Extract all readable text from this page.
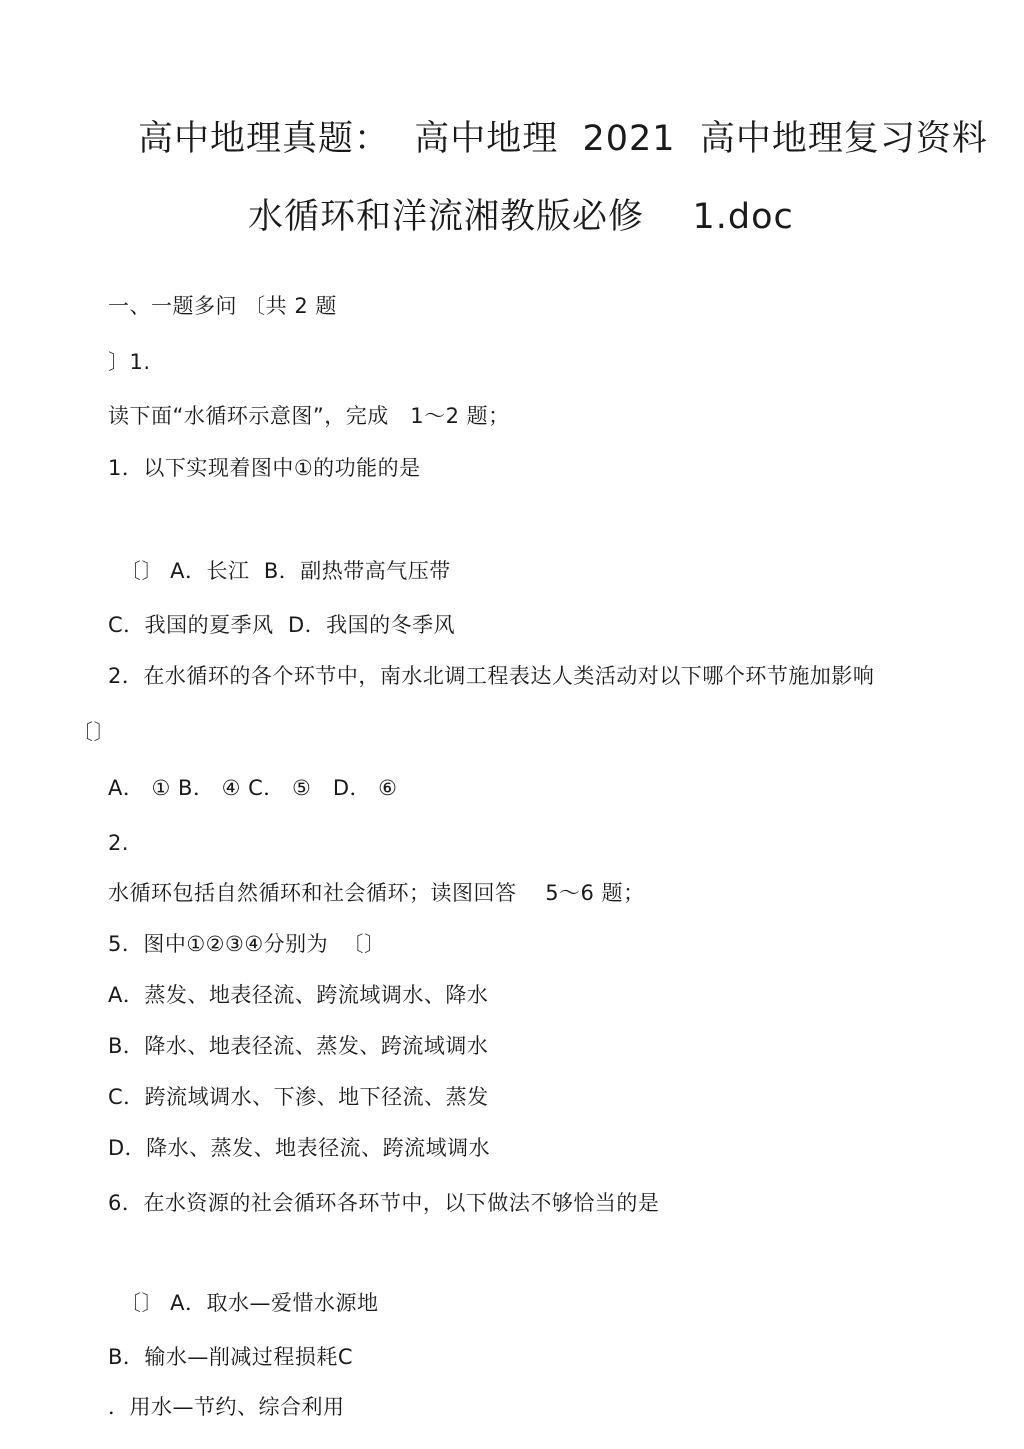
高中地理真题：  高中地理  2021  高中地理复习资料
水循环和洋流湘教版必修    1.doc
一、一题多问 〔共 2 题
〕1.
读下面“水循环示意图”，完成   1～2 题；
1．以下实现着图中①的功能的是
〔〕 A．长江  B．副热带高气压带
C．我国的夏季风  D．我国的冬季风
2．在水循环的各个环节中，南水北调工程表达人类活动对以下哪个环节施加影响
〔〕
A． ① B． ④ C． ⑤   D． ⑥
2.
水循环包括自然循环和社会循环；读图回答    5～6 题；
5．图中①②③④分别为  〔〕
A．蒸发、地表径流、跨流域调水、降水
B．降水、地表径流、蒸发、跨流域调水
C．跨流域调水、下渗、地下径流、蒸发
D．降水、蒸发、地表径流、跨流域调水
6．在水资源的社会循环各环节中，以下做法不够恰当的是
〔〕 A．取水—爱惜水源地
B．输水—削减过程损耗C
．用水—节约、综合利用
